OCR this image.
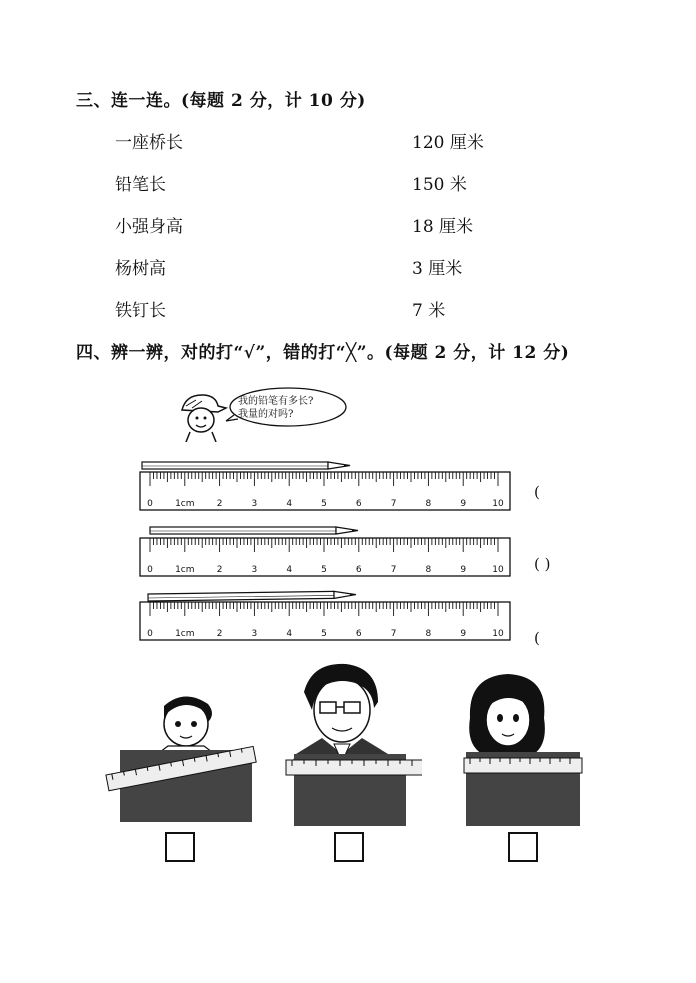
三、连一连。(每题 2 分，计 10 分)
一座桥长
铅笔长
小强身高
杨树高
铁钉长
120 厘米
150 米
18 厘米
3 厘米
7 米
四、辨一辨，对的打“√”，错的打“╳”。(每题 2 分，计 12 分)
我的铅笔有多长?
我量的对吗?
0 1cm 2	3	4	5	6	7	8	9	10
0 1cm 2	3	4	5	6	7	8	9	10
0 1cm 2	3	4	5	6	7	8	9	10
(
( )
(
